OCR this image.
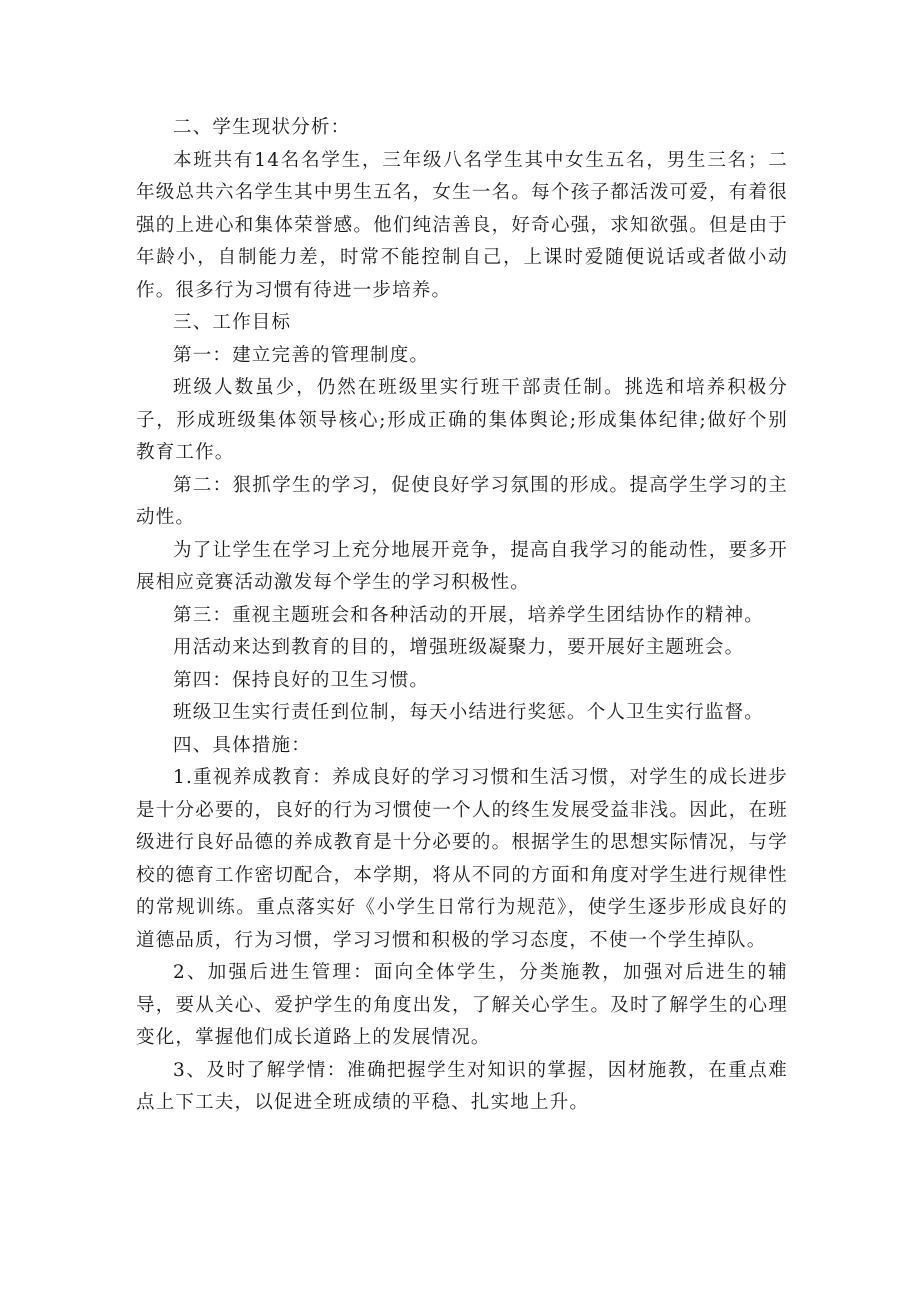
二、学生现状分析：

本班共有14名名学生，三年级八名学生其中女生五名，男生三名；二年级总共六名学生其中男生五名，女生一名。每个孩子都活泼可爱，有着很强的上进心和集体荣誉感。他们纯洁善良，好奇心强，求知欲强。但是由于年龄小，自制能力差，时常不能控制自己，上课时爱随便说话或者做小动作。很多行为习惯有待进一步培养。

三、工作目标

第一：建立完善的管理制度。

班级人数虽少，仍然在班级里实行班干部责任制。挑选和培养积极分子，形成班级集体领导核心;形成正确的集体舆论;形成集体纪律;做好个别教育工作。

第二：狠抓学生的学习，促使良好学习氛围的形成。提高学生学习的主动性。

为了让学生在学习上充分地展开竞争，提高自我学习的能动性，要多开展相应竞赛活动激发每个学生的学习积极性。

第三：重视主题班会和各种活动的开展，培养学生团结协作的精神。

用活动来达到教育的目的，增强班级凝聚力，要开展好主题班会。

第四：保持良好的卫生习惯。

班级卫生实行责任到位制，每天小结进行奖惩。个人卫生实行监督。

四、具体措施：

1.重视养成教育：养成良好的学习习惯和生活习惯，对学生的成长进步是十分必要的，良好的行为习惯使一个人的终生发展受益非浅。因此，在班级进行良好品德的养成教育是十分必要的。根据学生的思想实际情况，与学校的德育工作密切配合，本学期，将从不同的方面和角度对学生进行规律性的常规训练。重点落实好《小学生日常行为规范》，使学生逐步形成良好的道德品质，行为习惯，学习习惯和积极的学习态度，不使一个学生掉队。

2、加强后进生管理：面向全体学生，分类施教，加强对后进生的辅导，要从关心、爱护学生的角度出发，了解关心学生。及时了解学生的心理变化，掌握他们成长道路上的发展情况。

3、及时了解学情：准确把握学生对知识的掌握，因材施教，在重点难点上下工夫，以促进全班成绩的平稳、扎实地上升。
